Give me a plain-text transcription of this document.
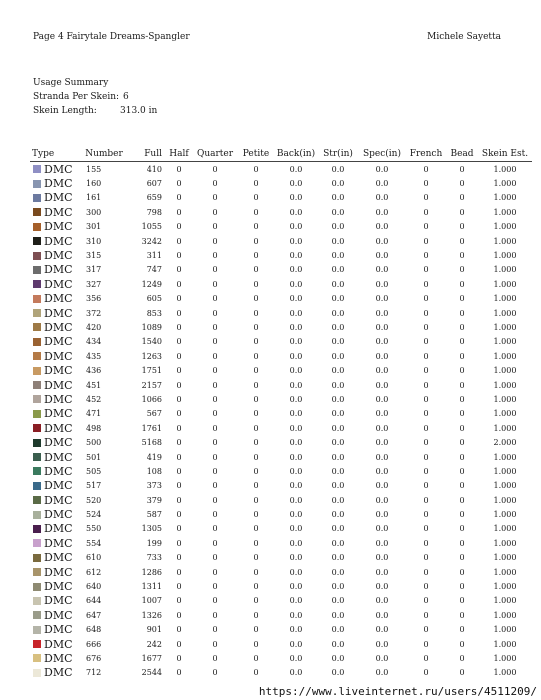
Page 4 Fairytale Dreams-Spangler	Michele Sayetta
Usage Summary
Stranda Per Skein: 6
Skein Length:	313.0 in
Type	Number	Full	Half	Quarter	Petite	Back(in)	Str(in)	Spec(in)	French	Bead	Skein Est.
DMC	155	410	0	0	0	0.0	0.0	0.0	0	0	1.000
DMC	160	607	0	0	0	0.0	0.0	0.0	0	0	1.000
DMC	161	659	0	0	0	0.0	0.0	0.0	0	0	1.000
DMC	300	798	0	0	0	0.0	0.0	0.0	0	0	1.000
DMC	301	1055	0	0	0	0.0	0.0	0.0	0	0	1.000
DMC	310	3242	0	0	0	0.0	0.0	0.0	0	0	1.000
DMC	315	311	0	0	0	0.0	0.0	0.0	0	0	1.000
DMC	317	747	0	0	0	0.0	0.0	0.0	0	0	1.000
DMC	327	1249	0	0	0	0.0	0.0	0.0	0	0	1.000
DMC	356	605	0	0	0	0.0	0.0	0.0	0	0	1.000
DMC	372	853	0	0	0	0.0	0.0	0.0	0	0	1.000
DMC	420	1089	0	0	0	0.0	0.0	0.0	0	0	1.000
DMC	434	1540	0	0	0	0.0	0.0	0.0	0	0	1.000
DMC	435	1263	0	0	0	0.0	0.0	0.0	0	0	1.000
DMC	436	1751	0	0	0	0.0	0.0	0.0	0	0	1.000
DMC	451	2157	0	0	0	0.0	0.0	0.0	0	0	1.000
DMC	452	1066	0	0	0	0.0	0.0	0.0	0	0	1.000
DMC	471	567	0	0	0	0.0	0.0	0.0	0	0	1.000
DMC	498	1761	0	0	0	0.0	0.0	0.0	0	0	1.000
DMC	500	5168	0	0	0	0.0	0.0	0.0	0	0	2.000
DMC	501	419	0	0	0	0.0	0.0	0.0	0	0	1.000
DMC	505	108	0	0	0	0.0	0.0	0.0	0	0	1.000
DMC	517	373	0	0	0	0.0	0.0	0.0	0	0	1.000
DMC	520	379	0	0	0	0.0	0.0	0.0	0	0	1.000
DMC	524	587	0	0	0	0.0	0.0	0.0	0	0	1.000
DMC	550	1305	0	0	0	0.0	0.0	0.0	0	0	1.000
DMC	554	199	0	0	0	0.0	0.0	0.0	0	0	1.000
DMC	610	733	0	0	0	0.0	0.0	0.0	0	0	1.000
DMC	612	1286	0	0	0	0.0	0.0	0.0	0	0	1.000
DMC	640	1311	0	0	0	0.0	0.0	0.0	0	0	1.000
DMC	644	1007	0	0	0	0.0	0.0	0.0	0	0	1.000
DMC	647	1326	0	0	0	0.0	0.0	0.0	0	0	1.000
DMC	648	901	0	0	0	0.0	0.0	0.0	0	0	1.000
DMC	666	242	0	0	0	0.0	0.0	0.0	0	0	1.000
DMC	676	1677	0	0	0	0.0	0.0	0.0	0	0	1.000
DMC	712	2544	0	0	0	0.0	0.0	0.0	0	0	1.000
https://www.liveinternet.ru/users/4511209/
